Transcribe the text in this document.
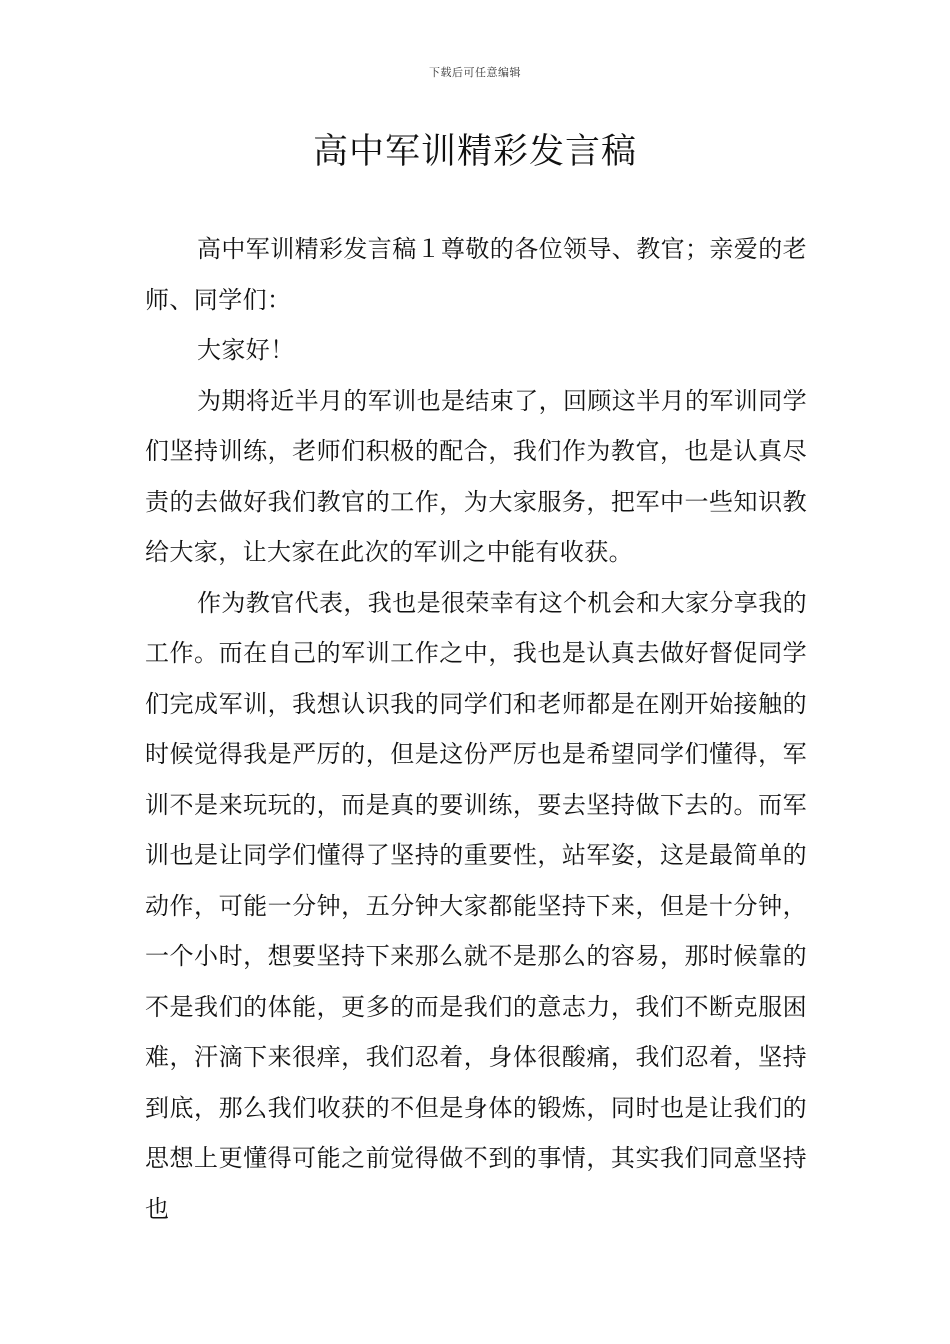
下载后可任意编辑
高中军训精彩发言稿

高中军训精彩发言稿１尊敬的各位领导、教官；亲爱的老师、同学们：

大家好！

为期将近半月的军训也是结束了，回顾这半月的军训同学们坚持训练，老师们积极的配合，我们作为教官，也是认真尽责的去做好我们教官的工作，为大家服务，把军中一些知识教给大家，让大家在此次的军训之中能有收获。

作为教官代表，我也是很荣幸有这个机会和大家分享我的工作。而在自己的军训工作之中，我也是认真去做好督促同学们完成军训，我想认识我的同学们和老师都是在刚开始接触的时候觉得我是严厉的，但是这份严厉也是希望同学们懂得，军训不是来玩玩的，而是真的要训练，要去坚持做下去的。而军训也是让同学们懂得了坚持的重要性，站军姿，这是最简单的动作，可能一分钟，五分钟大家都能坚持下来，但是十分钟，一个小时，想要坚持下来那么就不是那么的容易，那时候靠的不是我们的体能，更多的而是我们的意志力，我们不断克服困难，汗滴下来很痒，我们忍着，身体很酸痛，我们忍着，坚持到底，那么我们收获的不但是身体的锻炼，同时也是让我们的思想上更懂得可能之前觉得做不到的事情，其实我们同意坚持也
